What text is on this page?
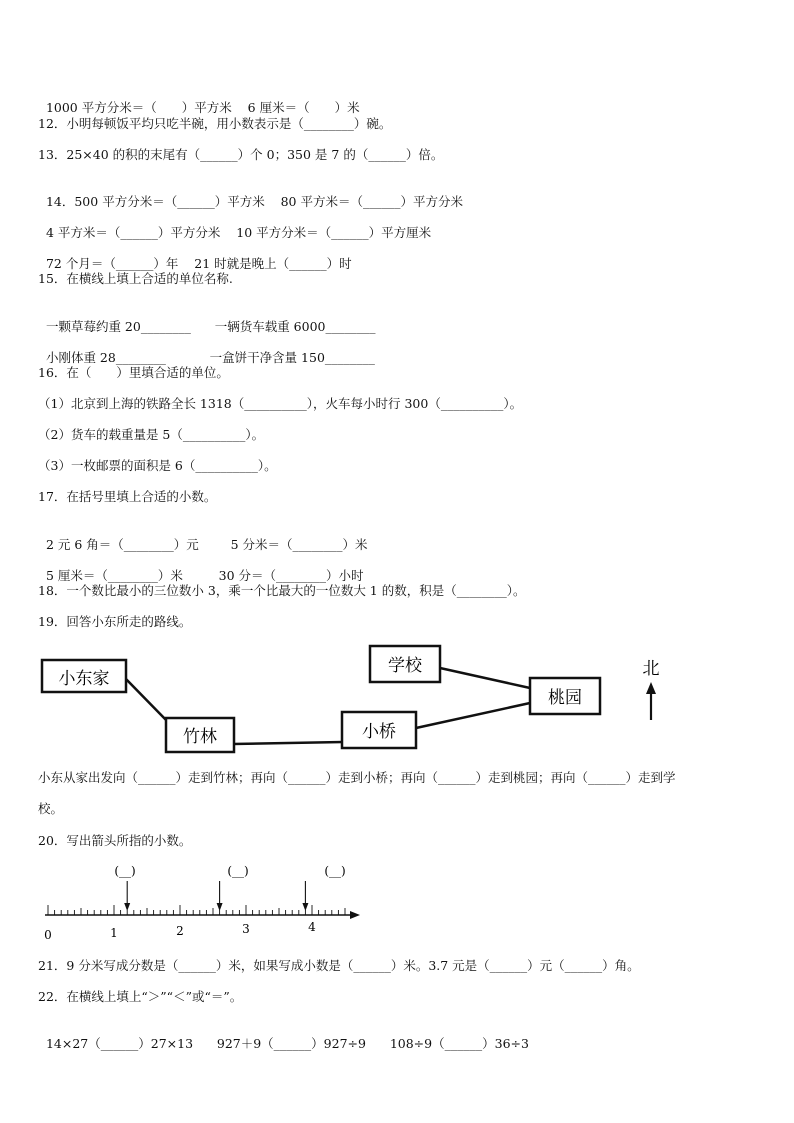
1000 平方分米＝（　　）平方米 6 厘米＝（　　）米

12．小明每顿饭平均只吃半碗，用小数表示是（________）碗。
13．25×40 的积的末尾有（______）个 0；350 是 7 的（______）倍。

14．500 平方分米＝（______）平方米 80 平方米＝（______）平方分米

4 平方米＝（______）平方分米 10 平方分米＝（______）平方厘米

72 个月＝（______）年 21 时就是晚上（______）时

15．在横线上填上合适的单位名称.

一颗草莓约重 20________ 一辆货车载重 6000________

小刚体重 28________	一盒饼干净含量 150________

16．在（　　）里填合适的单位。
（1）北京到上海的铁路全长 1318（__________），火车每小时行 300（__________）。
（2）货车的载重量是 5（__________）。
（3）一枚邮票的面积是 6（__________）。
17．在括号里填上合适的小数。

2 元 6 角＝（________）元	5 分米＝（________）米

5 厘米＝（________）米	30 分＝（________）小时

18．一个数比最小的三位数小 3，乘一个比最大的一位数大 1 的数，积是（________）。
19．回答小东所走的路线。
小东家
竹林	小桥
学校
桃园
北
小东从家出发向（______）走到竹林；再向（______）走到小桥；再向（______）走到桃园；再向（______）走到学
校。
20．写出箭头所指的小数。
0	1	2	3	4
(__)	(__)	(__)
21．9 分米写成分数是（______）米，如果写成小数是（______）米。3.7 元是（______）元（______）角。
22．在横线上填上“＞”“＜”或“＝”。

14×27（______）27×13 927＋9（______）927÷9 108÷9（______）36÷3
